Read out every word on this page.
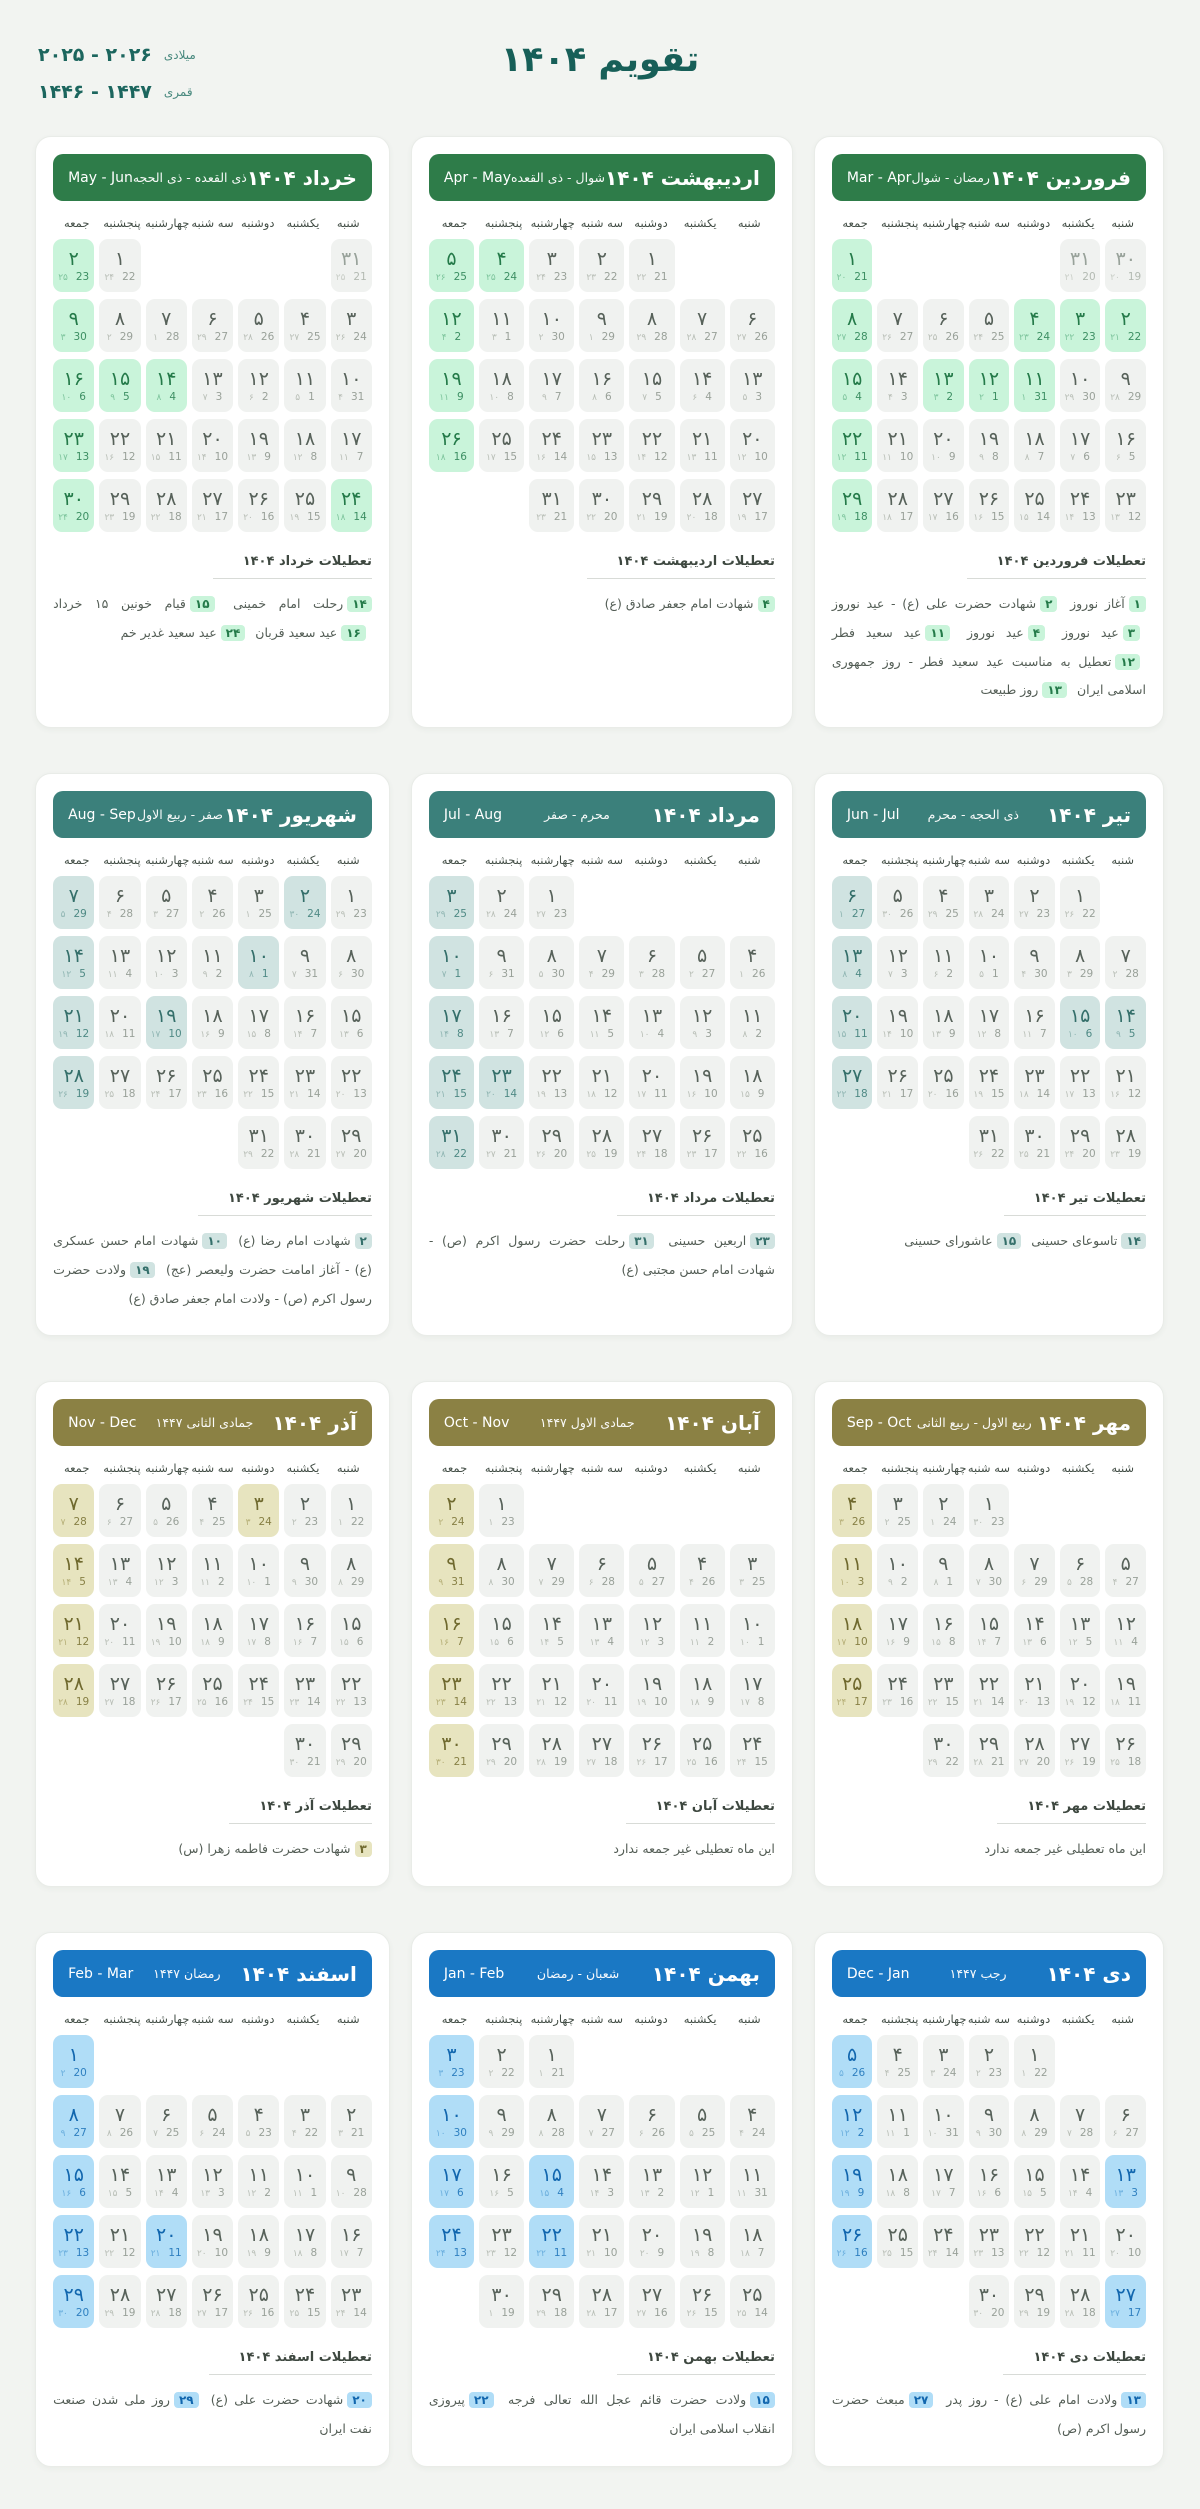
تقویم ۱۴۰۴
۲۰۲۵ - ۲۰۲۶ میلادی
۱۴۴۶ - ۱۴۴۷ قمری
فروردین ۱۴۰۴
رمضان - شوال
Mar - Apr
شنبه
یکشنبه
دوشنبه
سه شنبه
چهارشنبه
پنجشنبه
جمعه
۳۰
۲۰ 19
۳۱
۲۱ 20
۱
۲۰ 21
۲
۲۱ 22
۳
۲۲ 23
۴
۲۳ 24
۵
۲۴ 25
۶
۲۵ 26
۷
۲۶ 27
۸
۲۷ 28
۹
۲۸ 29
۱۰
۲۹ 30
۱۱
۱ 31
۱۲
۲ 1
۱۳
۳ 2
۱۴
۴ 3
۱۵
۵ 4
۱۶
۶ 5
۱۷
۷ 6
۱۸
۸ 7
۱۹
۹ 8
۲۰
۱۰ 9
۲۱
۱۱ 10
۲۲
۱۲ 11
۲۳
۱۳ 12
۲۴
۱۴ 13
۲۵
۱۵ 14
۲۶
۱۶ 15
۲۷
۱۷ 16
۲۸
۱۸ 17
۲۹
۱۹ 18
تعطیلات فروردین ۱۴۰۴

۱آغاز نوروز ۲شهادت حضرت علی (ع) - عید نوروز ۳عید نوروز ۴عید نوروز ۱۱عید سعید فطر ۱۲تعطیل به مناسبت عید سعید فطر - روز جمهوری اسلامی ایران ۱۳روز طبیعت

اردیبهشت ۱۴۰۴
شوال - ذی القعده
Apr - May
شنبه
یکشنبه
دوشنبه
سه شنبه
چهارشنبه
پنجشنبه
جمعه
۱
۲۲ 21
۲
۲۳ 22
۳
۲۴ 23
۴
۲۵ 24
۵
۲۶ 25
۶
۲۷ 26
۷
۲۸ 27
۸
۲۹ 28
۹
۱ 29
۱۰
۲ 30
۱۱
۳ 1
۱۲
۴ 2
۱۳
۵ 3
۱۴
۶ 4
۱۵
۷ 5
۱۶
۸ 6
۱۷
۹ 7
۱۸
۱۰ 8
۱۹
۱۱ 9
۲۰
۱۲ 10
۲۱
۱۳ 11
۲۲
۱۴ 12
۲۳
۱۵ 13
۲۴
۱۶ 14
۲۵
۱۷ 15
۲۶
۱۸ 16
۲۷
۱۹ 17
۲۸
۲۰ 18
۲۹
۲۱ 19
۳۰
۲۲ 20
۳۱
۲۳ 21
تعطیلات اردیبهشت ۱۴۰۴

۴شهادت امام جعفر صادق (ع)

خرداد ۱۴۰۴
ذی القعده - ذی الحجه
May - Jun
شنبه
یکشنبه
دوشنبه
سه شنبه
چهارشنبه
پنجشنبه
جمعه
۳۱
۲۵ 21
۱
۲۴ 22
۲
۲۵ 23
۳
۲۶ 24
۴
۲۷ 25
۵
۲۸ 26
۶
۲۹ 27
۷
۱ 28
۸
۲ 29
۹
۳ 30
۱۰
۴ 31
۱۱
۵ 1
۱۲
۶ 2
۱۳
۷ 3
۱۴
۸ 4
۱۵
۹ 5
۱۶
۱۰ 6
۱۷
۱۱ 7
۱۸
۱۲ 8
۱۹
۱۳ 9
۲۰
۱۴ 10
۲۱
۱۵ 11
۲۲
۱۶ 12
۲۳
۱۷ 13
۲۴
۱۸ 14
۲۵
۱۹ 15
۲۶
۲۰ 16
۲۷
۲۱ 17
۲۸
۲۲ 18
۲۹
۲۳ 19
۳۰
۲۴ 20
تعطیلات خرداد ۱۴۰۴

۱۴رحلت امام خمینی ۱۵قیام خونین ۱۵ خرداد ۱۶عید سعید قربان ۲۴عید سعید غدیر خم

تیر ۱۴۰۴
ذی الحجه - محرم
Jun - Jul
شنبه
یکشنبه
دوشنبه
سه شنبه
چهارشنبه
پنجشنبه
جمعه
۱
۲۶ 22
۲
۲۷ 23
۳
۲۸ 24
۴
۲۹ 25
۵
۳۰ 26
۶
۱ 27
۷
۲ 28
۸
۳ 29
۹
۴ 30
۱۰
۵ 1
۱۱
۶ 2
۱۲
۷ 3
۱۳
۸ 4
۱۴
۹ 5
۱۵
۱۰ 6
۱۶
۱۱ 7
۱۷
۱۲ 8
۱۸
۱۳ 9
۱۹
۱۴ 10
۲۰
۱۵ 11
۲۱
۱۶ 12
۲۲
۱۷ 13
۲۳
۱۸ 14
۲۴
۱۹ 15
۲۵
۲۰ 16
۲۶
۲۱ 17
۲۷
۲۲ 18
۲۸
۲۳ 19
۲۹
۲۴ 20
۳۰
۲۵ 21
۳۱
۲۶ 22
تعطیلات تیر ۱۴۰۴

۱۴تاسوعای حسینی ۱۵عاشورای حسینی

مرداد ۱۴۰۴
محرم - صفر
Jul - Aug
شنبه
یکشنبه
دوشنبه
سه شنبه
چهارشنبه
پنجشنبه
جمعه
۱
۲۷ 23
۲
۲۸ 24
۳
۲۹ 25
۴
۱ 26
۵
۲ 27
۶
۳ 28
۷
۴ 29
۸
۵ 30
۹
۶ 31
۱۰
۷ 1
۱۱
۸ 2
۱۲
۹ 3
۱۳
۱۰ 4
۱۴
۱۱ 5
۱۵
۱۲ 6
۱۶
۱۳ 7
۱۷
۱۴ 8
۱۸
۱۵ 9
۱۹
۱۶ 10
۲۰
۱۷ 11
۲۱
۱۸ 12
۲۲
۱۹ 13
۲۳
۲۰ 14
۲۴
۲۱ 15
۲۵
۲۲ 16
۲۶
۲۳ 17
۲۷
۲۴ 18
۲۸
۲۵ 19
۲۹
۲۶ 20
۳۰
۲۷ 21
۳۱
۲۸ 22
تعطیلات مرداد ۱۴۰۴

۲۳اربعین حسینی ۳۱رحلت حضرت رسول اکرم (ص) - شهادت امام حسن مجتبی (ع)

شهریور ۱۴۰۴
صفر - ربیع الاول
Aug - Sep
شنبه
یکشنبه
دوشنبه
سه شنبه
چهارشنبه
پنجشنبه
جمعه
۱
۲۹ 23
۲
۳۰ 24
۳
۱ 25
۴
۲ 26
۵
۳ 27
۶
۴ 28
۷
۵ 29
۸
۶ 30
۹
۷ 31
۱۰
۸ 1
۱۱
۹ 2
۱۲
۱۰ 3
۱۳
۱۱ 4
۱۴
۱۲ 5
۱۵
۱۳ 6
۱۶
۱۴ 7
۱۷
۱۵ 8
۱۸
۱۶ 9
۱۹
۱۷ 10
۲۰
۱۸ 11
۲۱
۱۹ 12
۲۲
۲۰ 13
۲۳
۲۱ 14
۲۴
۲۲ 15
۲۵
۲۳ 16
۲۶
۲۴ 17
۲۷
۲۵ 18
۲۸
۲۶ 19
۲۹
۲۷ 20
۳۰
۲۸ 21
۳۱
۲۹ 22
تعطیلات شهریور ۱۴۰۴

۲شهادت امام رضا (ع) ۱۰شهادت امام حسن عسکری (ع) - آغاز امامت حضرت ولیعصر (عج) ۱۹ولادت حضرت رسول اکرم (ص) - ولادت امام جعفر صادق (ع)

مهر ۱۴۰۴
ربیع الاول - ربیع الثانی
Sep - Oct
شنبه
یکشنبه
دوشنبه
سه شنبه
چهارشنبه
پنجشنبه
جمعه
۱
۳۰ 23
۲
۱ 24
۳
۲ 25
۴
۳ 26
۵
۴ 27
۶
۵ 28
۷
۶ 29
۸
۷ 30
۹
۸ 1
۱۰
۹ 2
۱۱
۱۰ 3
۱۲
۱۱ 4
۱۳
۱۲ 5
۱۴
۱۳ 6
۱۵
۱۴ 7
۱۶
۱۵ 8
۱۷
۱۶ 9
۱۸
۱۷ 10
۱۹
۱۸ 11
۲۰
۱۹ 12
۲۱
۲۰ 13
۲۲
۲۱ 14
۲۳
۲۲ 15
۲۴
۲۳ 16
۲۵
۲۴ 17
۲۶
۲۵ 18
۲۷
۲۶ 19
۲۸
۲۷ 20
۲۹
۲۸ 21
۳۰
۲۹ 22
تعطیلات مهر ۱۴۰۴

این ماه تعطیلی غیر جمعه ندارد

آبان ۱۴۰۴
جمادی الاول ۱۴۴۷
Oct - Nov
شنبه
یکشنبه
دوشنبه
سه شنبه
چهارشنبه
پنجشنبه
جمعه
۱
۱ 23
۲
۲ 24
۳
۳ 25
۴
۴ 26
۵
۵ 27
۶
۶ 28
۷
۷ 29
۸
۸ 30
۹
۹ 31
۱۰
۱۰ 1
۱۱
۱۱ 2
۱۲
۱۲ 3
۱۳
۱۳ 4
۱۴
۱۴ 5
۱۵
۱۵ 6
۱۶
۱۶ 7
۱۷
۱۷ 8
۱۸
۱۸ 9
۱۹
۱۹ 10
۲۰
۲۰ 11
۲۱
۲۱ 12
۲۲
۲۲ 13
۲۳
۲۳ 14
۲۴
۲۴ 15
۲۵
۲۵ 16
۲۶
۲۶ 17
۲۷
۲۷ 18
۲۸
۲۸ 19
۲۹
۲۹ 20
۳۰
۳۰ 21
تعطیلات آبان ۱۴۰۴

این ماه تعطیلی غیر جمعه ندارد

آذر ۱۴۰۴
جمادی الثانی ۱۴۴۷
Nov - Dec
شنبه
یکشنبه
دوشنبه
سه شنبه
چهارشنبه
پنجشنبه
جمعه
۱
۱ 22
۲
۲ 23
۳
۳ 24
۴
۴ 25
۵
۵ 26
۶
۶ 27
۷
۷ 28
۸
۸ 29
۹
۹ 30
۱۰
۱۰ 1
۱۱
۱۱ 2
۱۲
۱۲ 3
۱۳
۱۳ 4
۱۴
۱۴ 5
۱۵
۱۵ 6
۱۶
۱۶ 7
۱۷
۱۷ 8
۱۸
۱۸ 9
۱۹
۱۹ 10
۲۰
۲۰ 11
۲۱
۲۱ 12
۲۲
۲۲ 13
۲۳
۲۳ 14
۲۴
۲۴ 15
۲۵
۲۵ 16
۲۶
۲۶ 17
۲۷
۲۷ 18
۲۸
۲۸ 19
۲۹
۲۹ 20
۳۰
۳۰ 21
تعطیلات آذر ۱۴۰۴

۳شهادت حضرت فاطمه زهرا (س)

دی ۱۴۰۴
رجب ۱۴۴۷
Dec - Jan
شنبه
یکشنبه
دوشنبه
سه شنبه
چهارشنبه
پنجشنبه
جمعه
۱
۱ 22
۲
۲ 23
۳
۳ 24
۴
۴ 25
۵
۵ 26
۶
۶ 27
۷
۷ 28
۸
۸ 29
۹
۹ 30
۱۰
۱۰ 31
۱۱
۱۱ 1
۱۲
۱۲ 2
۱۳
۱۳ 3
۱۴
۱۴ 4
۱۵
۱۵ 5
۱۶
۱۶ 6
۱۷
۱۷ 7
۱۸
۱۸ 8
۱۹
۱۹ 9
۲۰
۲۰ 10
۲۱
۲۱ 11
۲۲
۲۲ 12
۲۳
۲۳ 13
۲۴
۲۴ 14
۲۵
۲۵ 15
۲۶
۲۶ 16
۲۷
۲۷ 17
۲۸
۲۸ 18
۲۹
۲۹ 19
۳۰
۳۰ 20
تعطیلات دی ۱۴۰۴

۱۳ولادت امام علی (ع) - روز پدر ۲۷مبعث حضرت رسول اکرم (ص)

بهمن ۱۴۰۴
شعبان - رمضان
Jan - Feb
شنبه
یکشنبه
دوشنبه
سه شنبه
چهارشنبه
پنجشنبه
جمعه
۱
۱ 21
۲
۲ 22
۳
۳ 23
۴
۴ 24
۵
۵ 25
۶
۶ 26
۷
۷ 27
۸
۸ 28
۹
۹ 29
۱۰
۱۰ 30
۱۱
۱۱ 31
۱۲
۱۲ 1
۱۳
۱۳ 2
۱۴
۱۴ 3
۱۵
۱۵ 4
۱۶
۱۶ 5
۱۷
۱۷ 6
۱۸
۱۸ 7
۱۹
۱۹ 8
۲۰
۲۰ 9
۲۱
۲۱ 10
۲۲
۲۲ 11
۲۳
۲۳ 12
۲۴
۲۴ 13
۲۵
۲۵ 14
۲۶
۲۶ 15
۲۷
۲۷ 16
۲۸
۲۸ 17
۲۹
۲۹ 18
۳۰
۱ 19
تعطیلات بهمن ۱۴۰۴

۱۵ولادت حضرت قائم عجل الله تعالی فرجه ۲۲پیروزی انقلاب اسلامی ایران

اسفند ۱۴۰۴
رمضان ۱۴۴۷
Feb - Mar
شنبه
یکشنبه
دوشنبه
سه شنبه
چهارشنبه
پنجشنبه
جمعه
۱
۲ 20
۲
۳ 21
۳
۴ 22
۴
۵ 23
۵
۶ 24
۶
۷ 25
۷
۸ 26
۸
۹ 27
۹
۱۰ 28
۱۰
۱۱ 1
۱۱
۱۲ 2
۱۲
۱۳ 3
۱۳
۱۴ 4
۱۴
۱۵ 5
۱۵
۱۶ 6
۱۶
۱۷ 7
۱۷
۱۸ 8
۱۸
۱۹ 9
۱۹
۲۰ 10
۲۰
۲۱ 11
۲۱
۲۲ 12
۲۲
۲۳ 13
۲۳
۲۴ 14
۲۴
۲۵ 15
۲۵
۲۶ 16
۲۶
۲۷ 17
۲۷
۲۸ 18
۲۸
۲۹ 19
۲۹
۳۰ 20
تعطیلات اسفند ۱۴۰۴

۲۰شهادت حضرت علی (ع) ۲۹روز ملی شدن صنعت نفت ایران
